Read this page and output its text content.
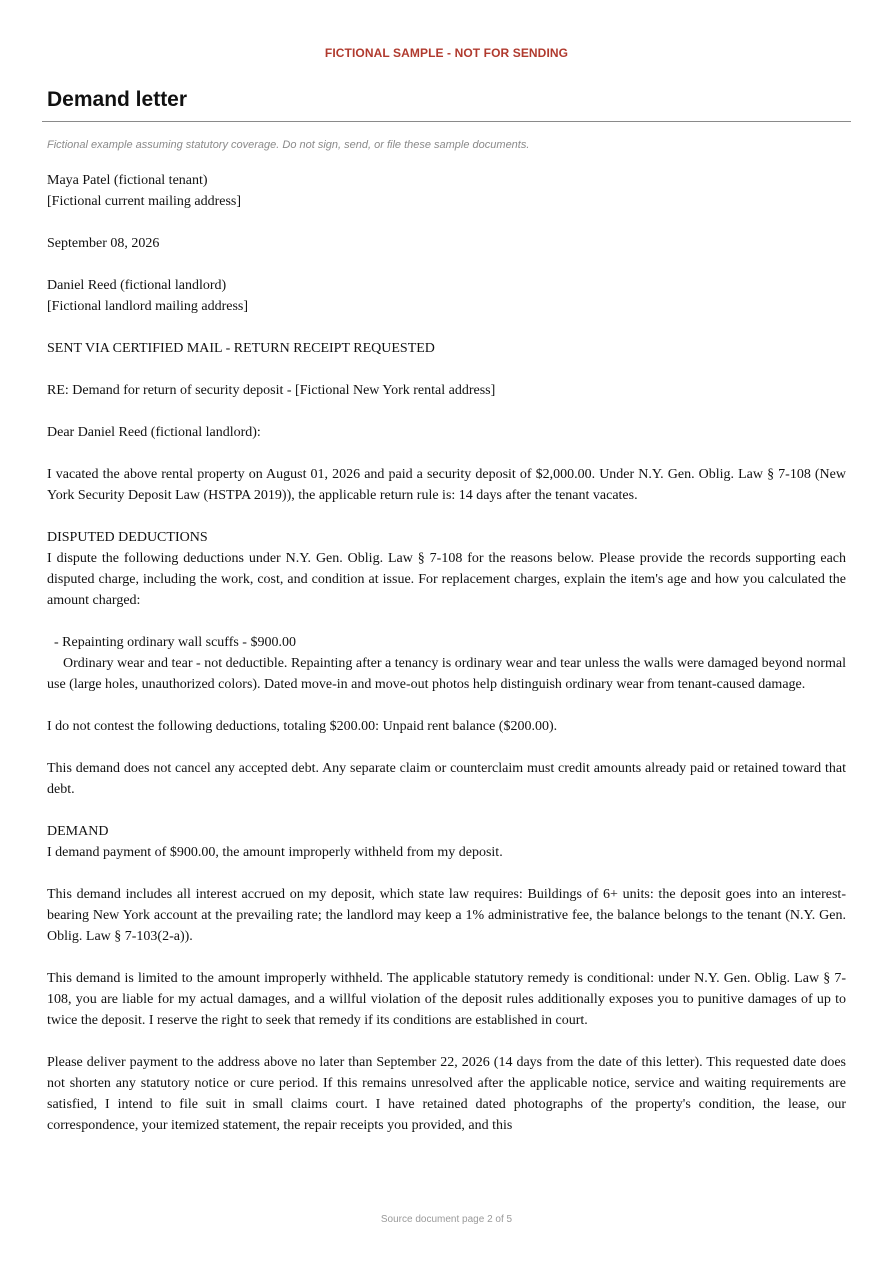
FICTIONAL SAMPLE - NOT FOR SENDING
Demand letter
Fictional example assuming statutory coverage. Do not sign, send, or file these sample documents.

Maya Patel (fictional tenant)
[Fictional current mailing address]

September 08, 2026

Daniel Reed (fictional landlord)
[Fictional landlord mailing address]

SENT VIA CERTIFIED MAIL - RETURN RECEIPT REQUESTED

RE: Demand for return of security deposit - [Fictional New York rental address]

Dear Daniel Reed (fictional landlord):

I vacated the above rental property on August 01, 2026 and paid a security deposit of $2,000.00. Under N.Y. Gen. Oblig. Law § 7-108 (New York Security Deposit Law (HSTPA 2019)), the applicable return rule is: 14 days after the tenant vacates.

DISPUTED DEDUCTIONS
I dispute the following deductions under N.Y. Gen. Oblig. Law § 7-108 for the reasons below. Please provide the records supporting each disputed charge, including the work, cost, and condition at issue. For replacement charges, explain the item's age and how you calculated the amount charged:

- Repainting ordinary wall scuffs - $900.00
Ordinary wear and tear - not deductible. Repainting after a tenancy is ordinary wear and tear unless the walls were damaged beyond normal use (large holes, unauthorized colors). Dated move-in and move-out photos help distinguish ordinary wear from tenant-caused damage.

I do not contest the following deductions, totaling $200.00: Unpaid rent balance ($200.00).

This demand does not cancel any accepted debt. Any separate claim or counterclaim must credit amounts already paid or retained toward that debt.

DEMAND
I demand payment of $900.00, the amount improperly withheld from my deposit.

This demand includes all interest accrued on my deposit, which state law requires: Buildings of 6+ units: the deposit goes into an interest-bearing New York account at the prevailing rate; the landlord may keep a 1% administrative fee, the balance belongs to the tenant (N.Y. Gen. Oblig. Law § 7-103(2-a)).

This demand is limited to the amount improperly withheld. The applicable statutory remedy is conditional: under N.Y. Gen. Oblig. Law § 7-108, you are liable for my actual damages, and a willful violation of the deposit rules additionally exposes you to punitive damages of up to twice the deposit. I reserve the right to seek that remedy if its conditions are established in court.

Please deliver payment to the address above no later than September 22, 2026 (14 days from the date of this letter). This requested date does not shorten any statutory notice or cure period. If this remains unresolved after the applicable notice, service and waiting requirements are satisfied, I intend to file suit in small claims court. I have retained dated photographs of the property's condition, the lease, our correspondence, your itemized statement, the repair receipts you provided, and this

Source document page 2 of 5
